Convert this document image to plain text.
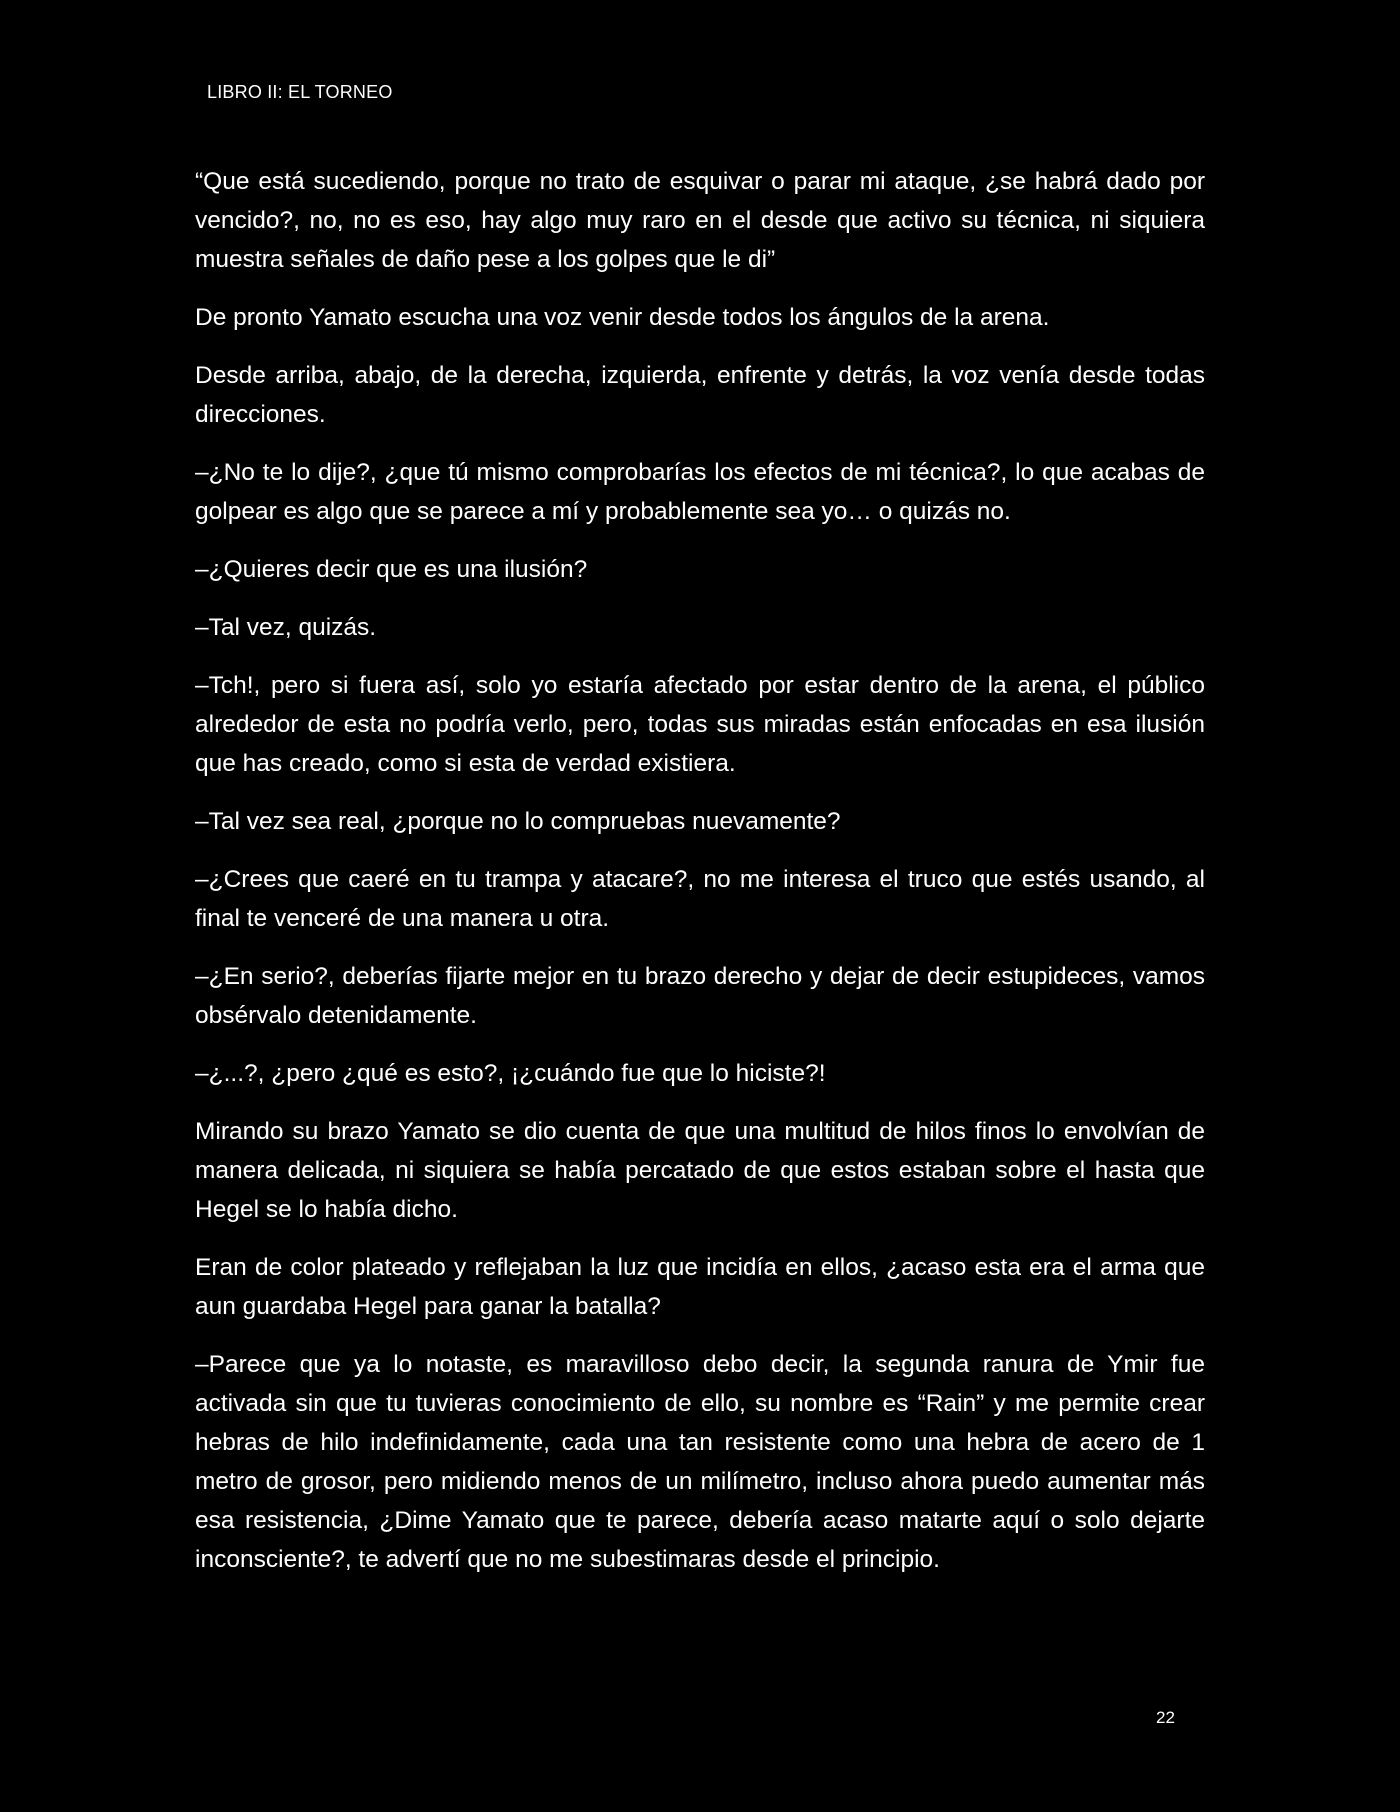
LIBRO II: EL TORNEO

“Que está sucediendo, porque no trato de esquivar o parar mi ataque, ¿se habrá dado por vencido?, no, no es eso, hay algo muy raro en el desde que activo su técnica, ni siquiera muestra señales de daño pese a los golpes que le di”

De pronto Yamato escucha una voz venir desde todos los ángulos de la arena.

Desde arriba, abajo, de la derecha, izquierda, enfrente y detrás, la voz venía desde todas direcciones.

–¿No te lo dije?, ¿que tú mismo comprobarías los efectos de mi técnica?, lo que acabas de golpear es algo que se parece a mí y probablemente sea yo… o quizás no.

–¿Quieres decir que es una ilusión?

–Tal vez, quizás.

–Tch!, pero si fuera así, solo yo estaría afectado por estar dentro de la arena, el público alrededor de esta no podría verlo, pero, todas sus miradas están enfocadas en esa ilusión que has creado, como si esta de verdad existiera.

–Tal vez sea real, ¿porque no lo compruebas nuevamente?

–¿Crees que caeré en tu trampa y atacare?, no me interesa el truco que estés usando, al final te venceré de una manera u otra.

–¿En serio?, deberías fijarte mejor en tu brazo derecho y dejar de decir estupideces, vamos obsérvalo detenidamente.

–¿...?, ¿pero ¿qué es esto?, ¡¿cuándo fue que lo hiciste?!

Mirando su brazo Yamato se dio cuenta de que una multitud de hilos finos lo envolvían de manera delicada, ni siquiera se había percatado de que estos estaban sobre el hasta que Hegel se lo había dicho.

Eran de color plateado y reflejaban la luz que incidía en ellos, ¿acaso esta era el arma que aun guardaba Hegel para ganar la batalla?

–Parece que ya lo notaste, es maravilloso debo decir, la segunda ranura de Ymir fue activada sin que tu tuvieras conocimiento de ello, su nombre es “Rain” y me permite crear hebras de hilo indefinidamente, cada una tan resistente como una hebra de acero de 1 metro de grosor, pero midiendo menos de un milímetro, incluso ahora puedo aumentar más esa resistencia, ¿Dime Yamato que te parece, debería acaso matarte aquí o solo dejarte inconsciente?, te advertí que no me subestimaras desde el principio.

22
